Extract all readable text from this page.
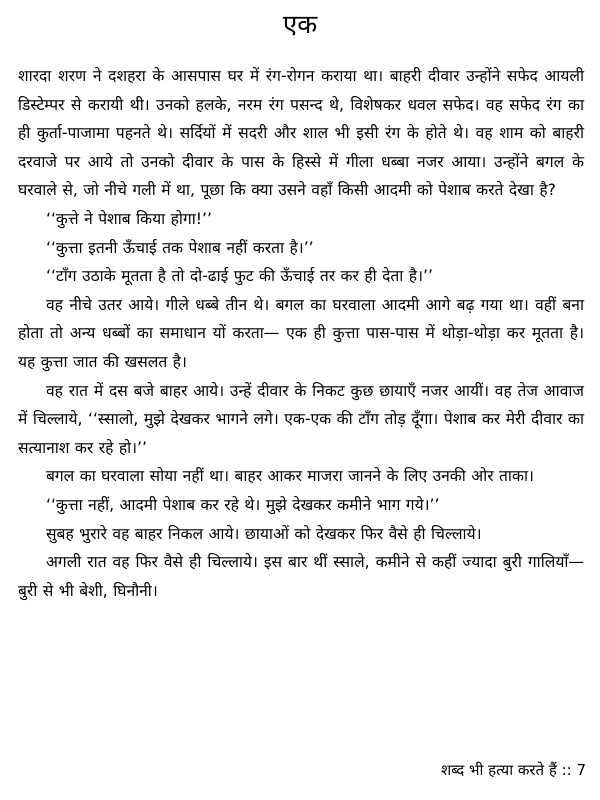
एक

शारदा शरण ने दशहरा के आसपास घर में रंग-रोगन कराया था। बाहरी दीवार उन्होंने सफेद आयली डिस्टेम्पर से करायी थी। उनको हलके, नरम रंग पसन्द थे, विशेषकर धवल सफेद। वह सफेद रंग का ही कुर्ता-पाजामा पहनते थे। सर्दियों में सदरी और शाल भी इसी रंग के होते थे। वह शाम को बाहरी दरवाजे पर आये तो उनको दीवार के पास के हिस्से में गीला धब्बा नजर आया। उन्होंने बगल के घरवाले से, जो नीचे गली में था, पूछा कि क्या उसने वहाँ किसी आदमी को पेशाब करते देखा है?

‘‘कुत्ते ने पेशाब किया होगा!’’

‘‘कुत्ता इतनी ऊँचाई तक पेशाब नहीं करता है।’’

‘‘टाँग उठाके मूतता है तो दो-ढाई फुट की ऊँचाई तर कर ही देता है।’’

वह नीचे उतर आये। गीले धब्बे तीन थे। बगल का घरवाला आदमी आगे बढ़ गया था। वहीं बना होता तो अन्य धब्बों का समाधान यों करता— एक ही कुत्ता पास-पास में थोड़ा-थोड़ा कर मूतता है। यह कुत्ता जात की खसलत है।

वह रात में दस बजे बाहर आये। उन्हें दीवार के निकट कुछ छायाएँ नजर आयीं। वह तेज आवाज में चिल्लाये, ‘‘स्सालो, मुझे देखकर भागने लगे। एक-एक की टाँग तोड़ दूँगा। पेशाब कर मेरी दीवार का सत्यानाश कर रहे हो।’’

बगल का घरवाला सोया नहीं था। बाहर आकर माजरा जानने के लिए उनकी ओर ताका।

‘‘कुत्ता नहीं, आदमी पेशाब कर रहे थे। मुझे देखकर कमीने भाग गये।’’

सुबह भुरारे वह बाहर निकल आये। छायाओं को देखकर फिर वैसे ही चिल्लाये।

अगली रात वह फिर वैसे ही चिल्लाये। इस बार थीं स्साले, कमीने से कहीं ज्यादा बुरी गालियाँ— बुरी से भी बेशी, घिनौनी।

शब्द भी हत्या करते हैं :: 7
